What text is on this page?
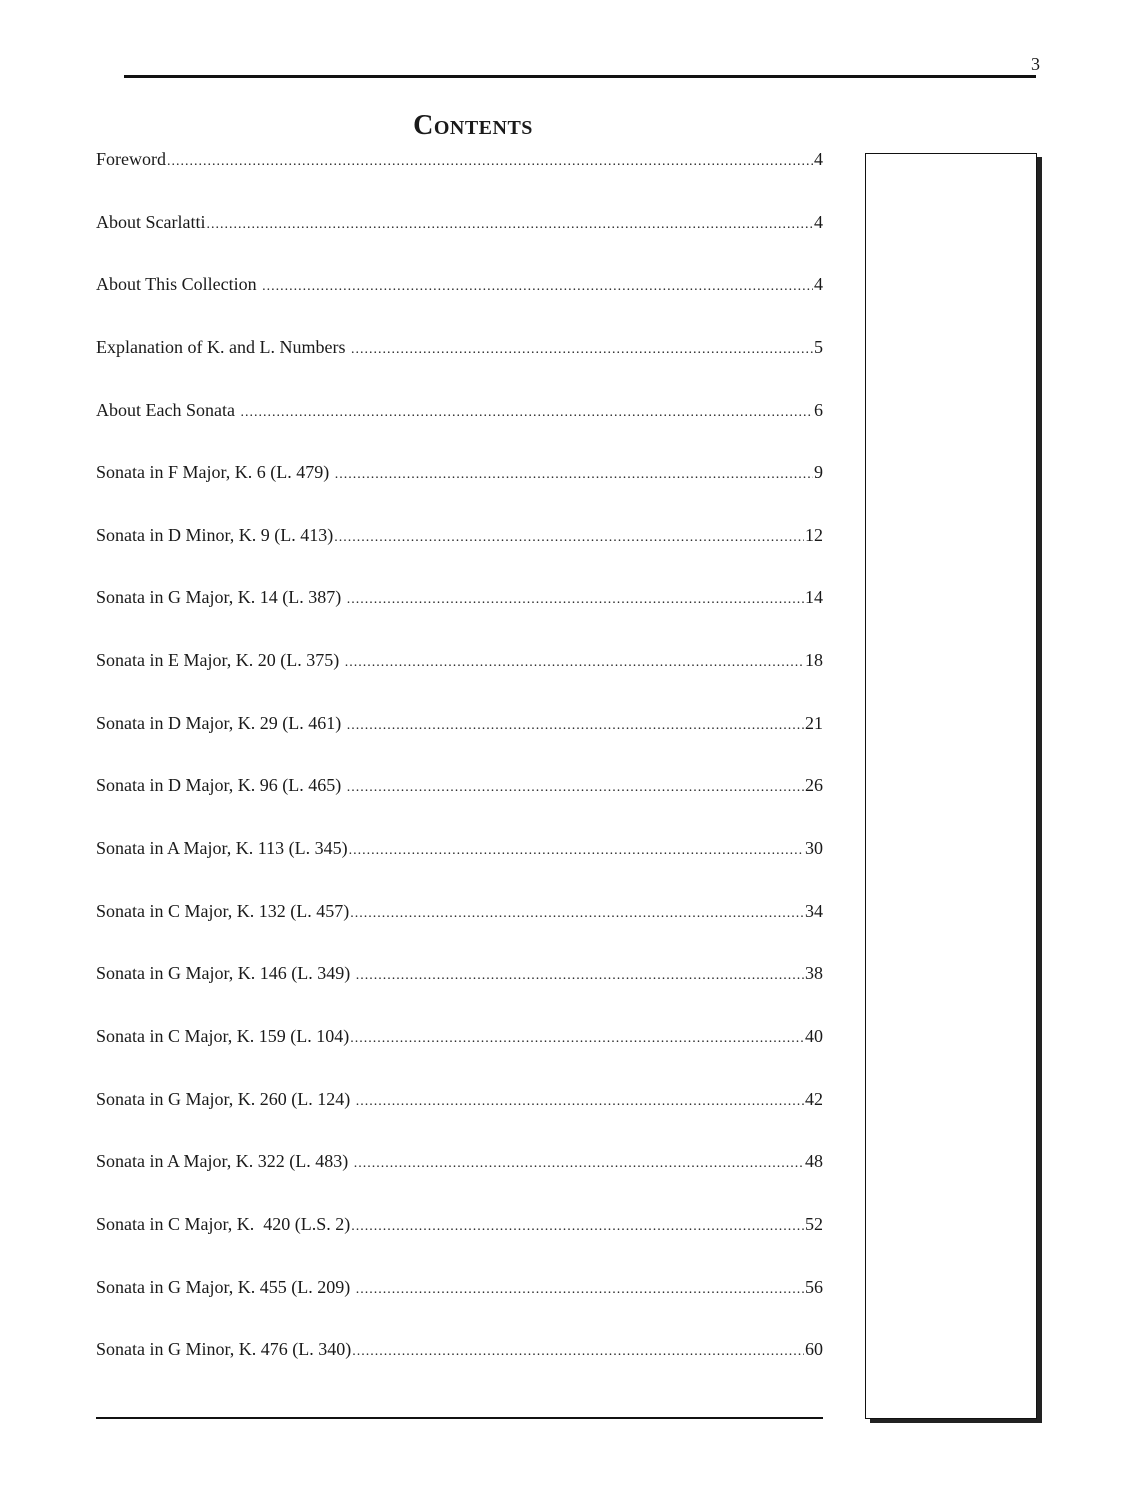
3
Contents
Foreword .....	4
About Scarlatti .....	4
About This Collection .....	4
Explanation of K. and L. Numbers .....	5
About Each Sonata .....	6
Sonata in F Major, K. 6 (L. 479) .....	9
Sonata in D Minor, K. 9 (L. 413) .....	12
Sonata in G Major, K. 14 (L. 387) .....	14
Sonata in E Major, K. 20 (L. 375) .....	18
Sonata in D Major, K. 29 (L. 461) .....	21
Sonata in D Major, K. 96 (L. 465) .....	26
Sonata in A Major, K. 113 (L. 345) .....	30
Sonata in C Major, K. 132 (L. 457) .....	34
Sonata in G Major, K. 146 (L. 349) .....	38
Sonata in C Major, K. 159 (L. 104) .....	40
Sonata in G Major, K. 260 (L. 124) .....	42
Sonata in A Major, K. 322 (L. 483) .....	48
Sonata in C Major, K.  420 (L.S. 2) .....	52
Sonata in G Major, K. 455 (L. 209) .....	56
Sonata in G Minor, K. 476 (L. 340) .....	60
